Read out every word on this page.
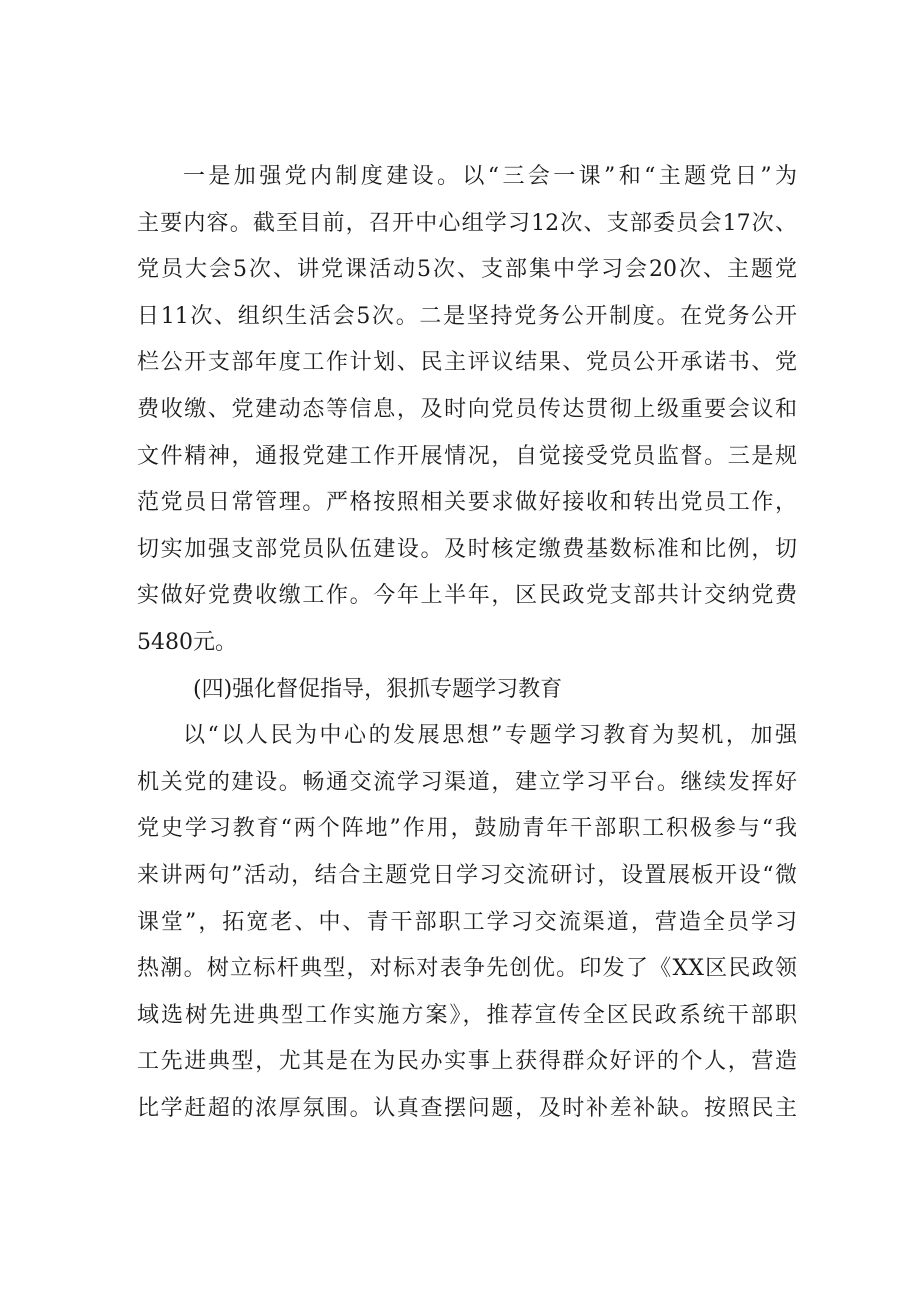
一是加强党内制度建设。以“三会一课”和“主题党日”为
主要内容。截至目前，召开中心组学习12次、支部委员会17次、
党员大会5次、讲党课活动5次、支部集中学习会20次、主题党
日11次、组织生活会5次。二是坚持党务公开制度。在党务公开
栏公开支部年度工作计划、民主评议结果、党员公开承诺书、党
费收缴、党建动态等信息，及时向党员传达贯彻上级重要会议和
文件精神，通报党建工作开展情况，自觉接受党员监督。三是规
范党员日常管理。严格按照相关要求做好接收和转出党员工作，
切实加强支部党员队伍建设。及时核定缴费基数标准和比例，切
实做好党费收缴工作。今年上半年，区民政党支部共计交纳党费
5480元。
(四)强化督促指导，狠抓专题学习教育
以“以人民为中心的发展思想”专题学习教育为契机，加强
机关党的建设。畅通交流学习渠道，建立学习平台。继续发挥好
党史学习教育“两个阵地”作用，鼓励青年干部职工积极参与“我
来讲两句”活动，结合主题党日学习交流研讨，设置展板开设“微
课堂”，拓宽老、中、青干部职工学习交流渠道，营造全员学习
热潮。树立标杆典型，对标对表争先创优。印发了《XX区民政领
域选树先进典型工作实施方案》，推荐宣传全区民政系统干部职
工先进典型，尤其是在为民办实事上获得群众好评的个人，营造
比学赶超的浓厚氛围。认真查摆问题，及时补差补缺。按照民主
